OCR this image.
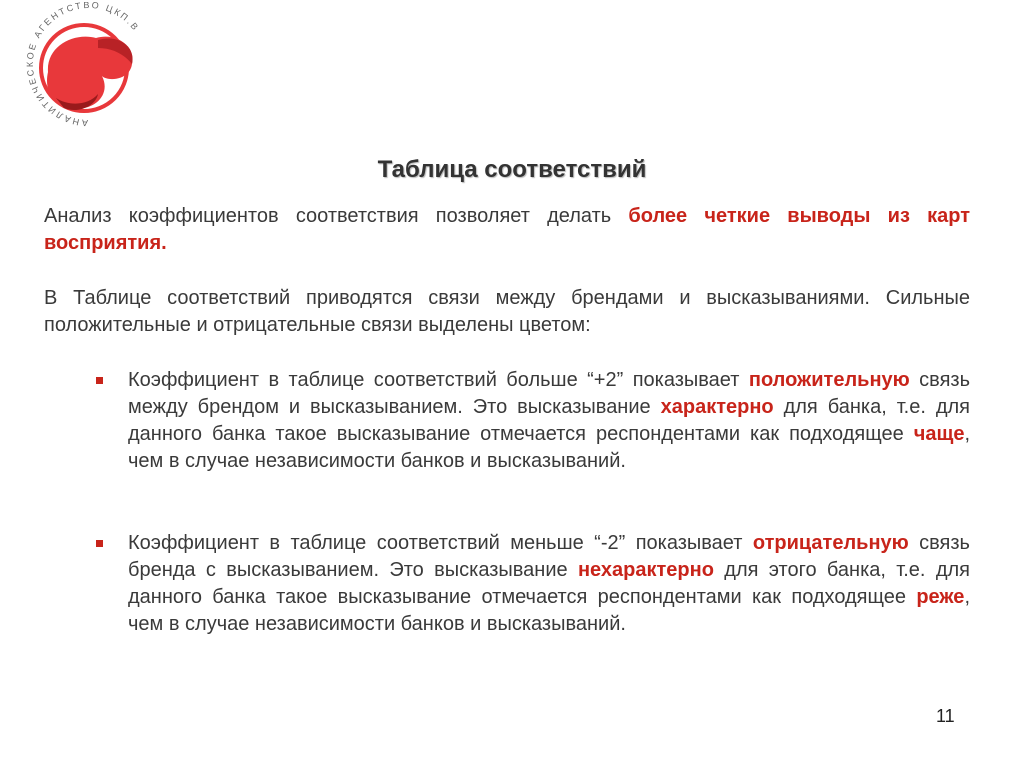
АНАЛИТИЧЕСКОЕ АГЕНТСТВО ЦКП.В
Таблица соответствий
Анализ коэффициентов соответствия позволяет делать более четкие выводы из карт восприятия.
В Таблице соответствий приводятся связи между брендами и высказываниями. Сильные положительные и отрицательные связи выделены цветом:
Коэффициент в таблице соответствий больше “+2” показывает положительную связь между брендом и высказыванием. Это высказывание характерно для банка, т.е. для данного банка такое высказывание отмечается респондентами как подходящее чаще, чем в случае независимости банков и высказываний.
Коэффициент в таблице соответствий меньше “-2” показывает отрицательную связь бренда с высказыванием. Это высказывание нехарактерно для этого банка, т.е. для данного банка такое высказывание отмечается респондентами как подходящее реже, чем в случае независимости банков и высказываний.
11
